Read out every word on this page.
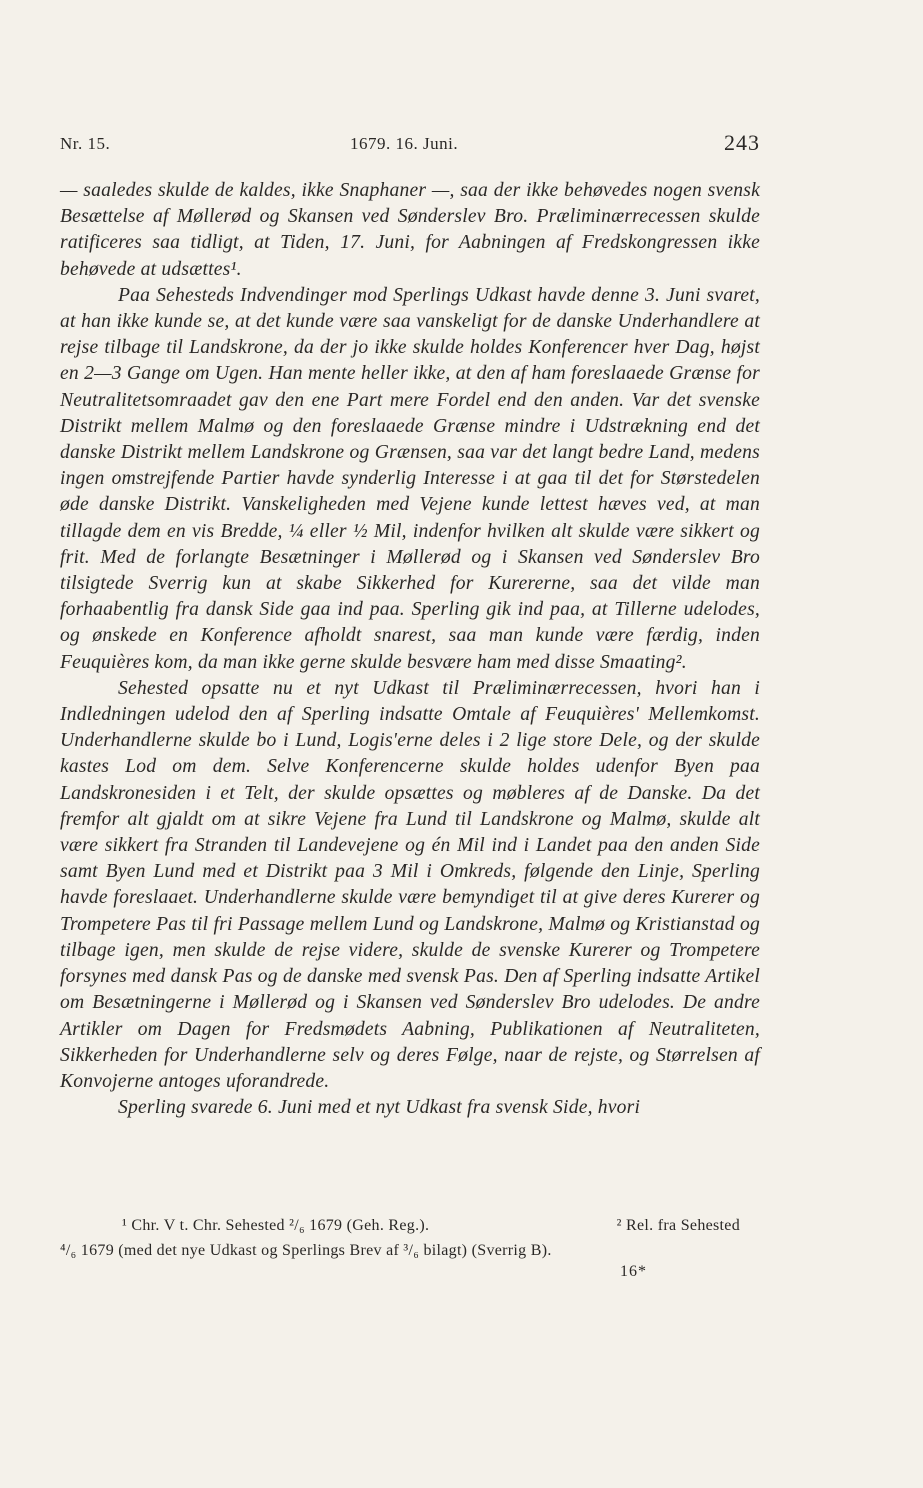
Nr. 15.	1679. 16. Juni.	243

— saaledes skulde de kaldes, ikke Snaphaner —, saa der ikke behøvedes nogen svensk Besættelse af Møllerød og Skansen ved Sønderslev Bro. Præliminærrecessen skulde ratificeres saa tidligt, at Tiden, 17. Juni, for Aabningen af Fredskongressen ikke behøvede at udsættes¹.

Paa Sehesteds Indvendinger mod Sperlings Udkast havde denne 3. Juni svaret, at han ikke kunde se, at det kunde være saa vanskeligt for de danske Underhandlere at rejse tilbage til Landskrone, da der jo ikke skulde holdes Konferencer hver Dag, højst en 2—3 Gange om Ugen. Han mente heller ikke, at den af ham foreslaaede Grænse for Neutralitetsomraadet gav den ene Part mere Fordel end den anden. Var det svenske Distrikt mellem Malmø og den foreslaaede Grænse mindre i Udstrækning end det danske Distrikt mellem Landskrone og Grænsen, saa var det langt bedre Land, medens ingen omstrejfende Partier havde synderlig Interesse i at gaa til det for Størstedelen øde danske Distrikt. Vanskeligheden med Vejene kunde lettest hæves ved, at man tillagde dem en vis Bredde, ¼ eller ½ Mil, indenfor hvilken alt skulde være sikkert og frit. Med de forlangte Besætninger i Møllerød og i Skansen ved Sønderslev Bro tilsigtede Sverrig kun at skabe Sikkerhed for Kurererne, saa det vilde man forhaabentlig fra dansk Side gaa ind paa. Sperling gik ind paa, at Tillerne udelodes, og ønskede en Konference afholdt snarest, saa man kunde være færdig, inden Feuquières kom, da man ikke gerne skulde besvære ham med disse Smaating².

Sehested opsatte nu et nyt Udkast til Præliminærrecessen, hvori han i Indledningen udelod den af Sperling indsatte Omtale af Feuquières' Mellemkomst. Underhandlerne skulde bo i Lund, Logis'erne deles i 2 lige store Dele, og der skulde kastes Lod om dem. Selve Konferencerne skulde holdes udenfor Byen paa Landskronesiden i et Telt, der skulde opsættes og møbleres af de Danske. Da det fremfor alt gjaldt om at sikre Vejene fra Lund til Landskrone og Malmø, skulde alt være sikkert fra Stranden til Landevejene og én Mil ind i Landet paa den anden Side samt Byen Lund med et Distrikt paa 3 Mil i Omkreds, følgende den Linje, Sperling havde foreslaaet. Underhandlerne skulde være bemyndiget til at give deres Kurerer og Trompetere Pas til fri Passage mellem Lund og Landskrone, Malmø og Kristianstad og tilbage igen, men skulde de rejse videre, skulde de svenske Kurerer og Trompetere forsynes med dansk Pas og de danske med svensk Pas. Den af Sperling indsatte Artikel om Besætningerne i Møllerød og i Skansen ved Sønderslev Bro udelodes. De andre Artikler om Dagen for Fredsmødets Aabning, Publikationen af Neutraliteten, Sikkerheden for Underhandlerne selv og deres Følge, naar de rejste, og Størrelsen af Konvojerne antoges uforandrede.

Sperling svarede 6. Juni med et nyt Udkast fra svensk Side, hvori

¹ Chr. V t. Chr. Sehested ²/₆ 1679 (Geh. Reg.).	² Rel. fra Sehested
⁴/₆ 1679 (med det nye Udkast og Sperlings Brev af ³/₆ bilagt) (Sverrig B).
16*
